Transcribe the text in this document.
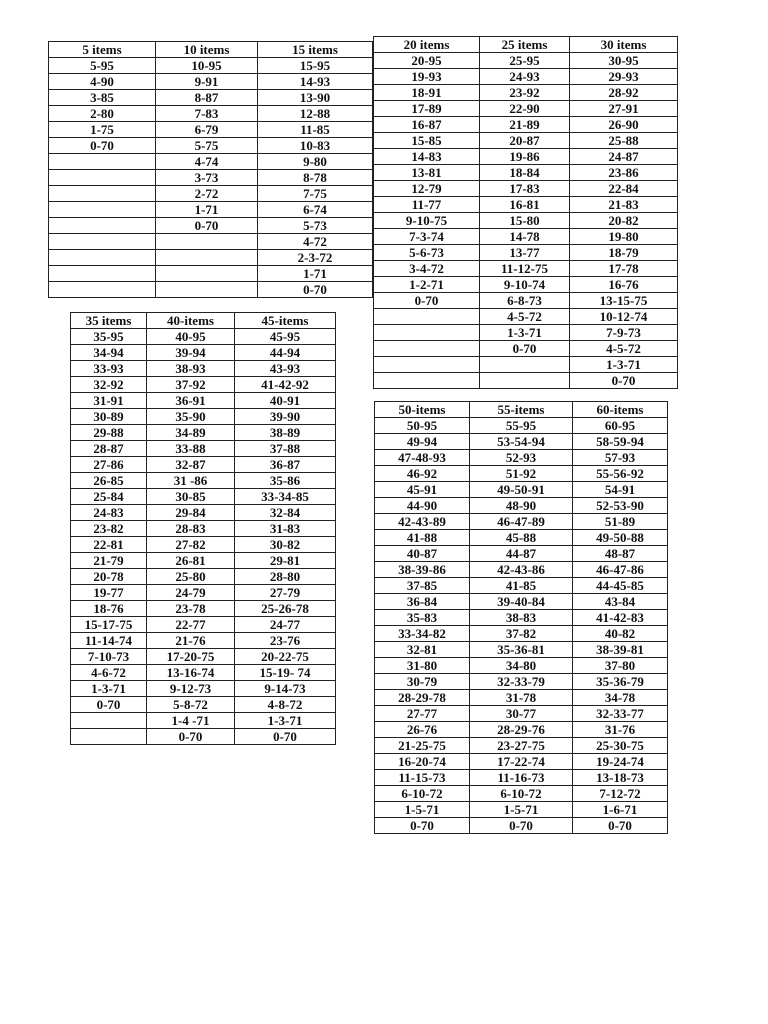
5 items	10 items	15 items
5-95	10-95	15-95
4-90	9-91	14-93
3-85	8-87	13-90
2-80	7-83	12-88
1-75	6-79	11-85
0-70	5-75	10-83
	4-74	9-80
	3-73	8-78
	2-72	7-75
	1-71	6-74
	0-70	5-73
		4-72
		2-3-72
		1-71
		0-70
20 items	25 items	30 items
20-95	25-95	30-95
19-93	24-93	29-93
18-91	23-92	28-92
17-89	22-90	27-91
16-87	21-89	26-90
15-85	20-87	25-88
14-83	19-86	24-87
13-81	18-84	23-86
12-79	17-83	22-84
11-77	16-81	21-83
9-10-75	15-80	20-82
7-3-74	14-78	19-80
5-6-73	13-77	18-79
3-4-72	11-12-75	17-78
1-2-71	9-10-74	16-76
0-70	6-8-73	13-15-75
	4-5-72	10-12-74
	1-3-71	7-9-73
	0-70	4-5-72
		1-3-71
		0-70
35 items	40-items	45-items
35-95	40-95	45-95
34-94	39-94	44-94
33-93	38-93	43-93
32-92	37-92	41-42-92
31-91	36-91	40-91
30-89	35-90	39-90
29-88	34-89	38-89
28-87	33-88	37-88
27-86	32-87	36-87
26-85	31 -86	35-86
25-84	30-85	33-34-85
24-83	29-84	32-84
23-82	28-83	31-83
22-81	27-82	30-82
21-79	26-81	29-81
20-78	25-80	28-80
19-77	24-79	27-79
18-76	23-78	25-26-78
15-17-75	22-77	24-77
11-14-74	21-76	23-76
7-10-73	17-20-75	20-22-75
4-6-72	13-16-74	15-19- 74
1-3-71	9-12-73	9-14-73
0-70	5-8-72	4-8-72
	1-4 -71	1-3-71
	0-70	0-70
50-items	55-items	60-items
50-95	55-95	60-95
49-94	53-54-94	58-59-94
47-48-93	52-93	57-93
46-92	51-92	55-56-92
45-91	49-50-91	54-91
44-90	48-90	52-53-90
42-43-89	46-47-89	51-89
41-88	45-88	49-50-88
40-87	44-87	48-87
38-39-86	42-43-86	46-47-86
37-85	41-85	44-45-85
36-84	39-40-84	43-84
35-83	38-83	41-42-83
33-34-82	37-82	40-82
32-81	35-36-81	38-39-81
31-80	34-80	37-80
30-79	32-33-79	35-36-79
28-29-78	31-78	34-78
27-77	30-77	32-33-77
26-76	28-29-76	31-76
21-25-75	23-27-75	25-30-75
16-20-74	17-22-74	19-24-74
11-15-73	11-16-73	13-18-73
6-10-72	6-10-72	7-12-72
1-5-71	1-5-71	1-6-71
0-70	0-70	0-70
